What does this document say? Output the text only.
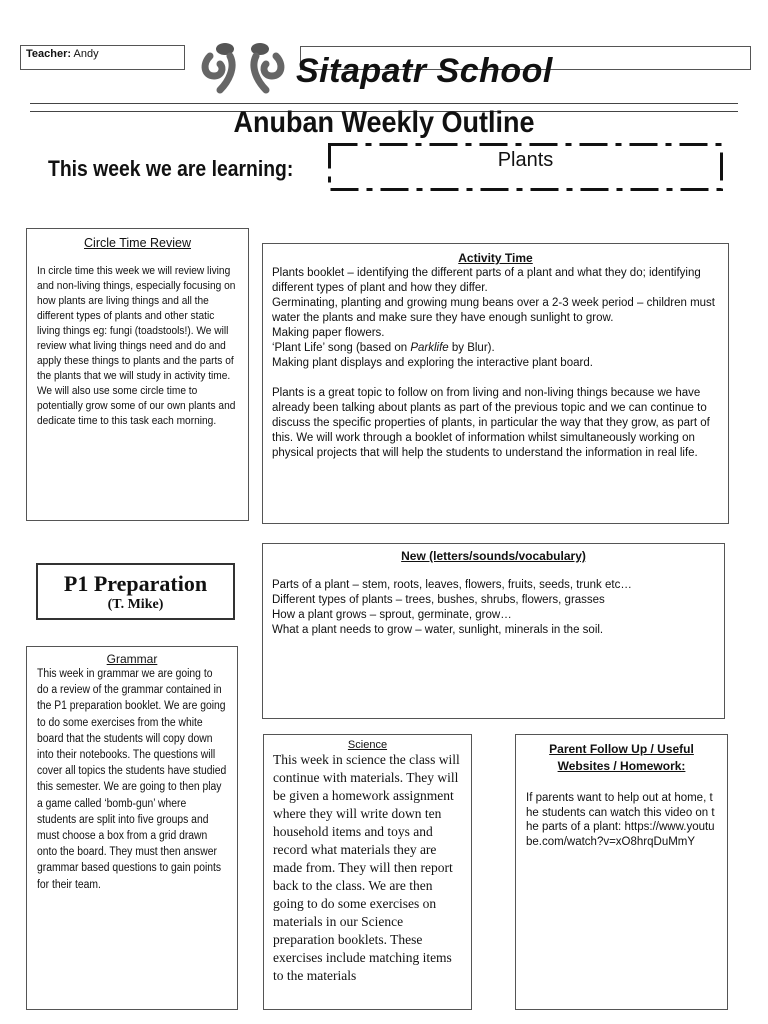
Teacher: Andy	Sitapatr School
Anuban Weekly Outline
This week we are learning:	Plants
Circle Time Review
In circle time this week we will review living and non-living things, especially focusing on how plants are living things and all the different types of plants and other static living things eg: fungi (toadstools!). We will review what living things need and do and apply these things to plants and the parts of the plants that we will study in activity time. We will also use some circle time to potentially grow some of our own plants and dedicate time to this task each morning.
Activity Time

Plants booklet – identifying the different parts of a plant and what they do; identifying different types of plant and how they differ.

Germinating, planting and growing mung beans over a 2-3 week period – children must water the plants and make sure they have enough sunlight to grow.

Making paper flowers.

‘Plant Life’ song (based on Parklife by Blur).

Making plant displays and exploring the interactive plant board.

Plants is a great topic to follow on from living and non-living things because we have already been talking about plants as part of the previous topic and we can continue to discuss the specific properties of plants, in particular the way that they grow, as part of this. We will work through a booklet of information whilst simultaneously working on physical projects that will help the students to understand the information in real life.

P1 Preparation
(T. Mike)
New (letters/sounds/vocabulary)
Parts of a plant – stem, roots, leaves, flowers, fruits, seeds, trunk etc…
Different types of plants – trees, bushes, shrubs, flowers, grasses
How a plant grows – sprout, germinate, grow…
What a plant needs to grow – water, sunlight, minerals in the soil.
Grammar
This week in grammar we are going to do a review of the grammar contained in the P1 preparation booklet. We are going to do some exercises from the white board that the students will copy down into their notebooks. The questions will cover all topics the students have studied this semester. We are going to then play a game called ‘bomb-gun’ where students are split into five groups and must choose a box from a grid drawn onto the board. They must then answer grammar based questions to gain points for their team.
Science
This week in science the class will continue with materials. They will be given a homework assignment where they will write down ten household items and toys and record what materials they are made from. They will then report back to the class. We are then going to do some exercises on materials in our Science preparation booklets. These exercises include matching items to the materials
Parent Follow Up / Useful Websites / Homework:
If parents want to help out at home, the students can watch this video on the parts of a plant: https://www.youtube.com/watch?v=xO8hrqDuMmY
